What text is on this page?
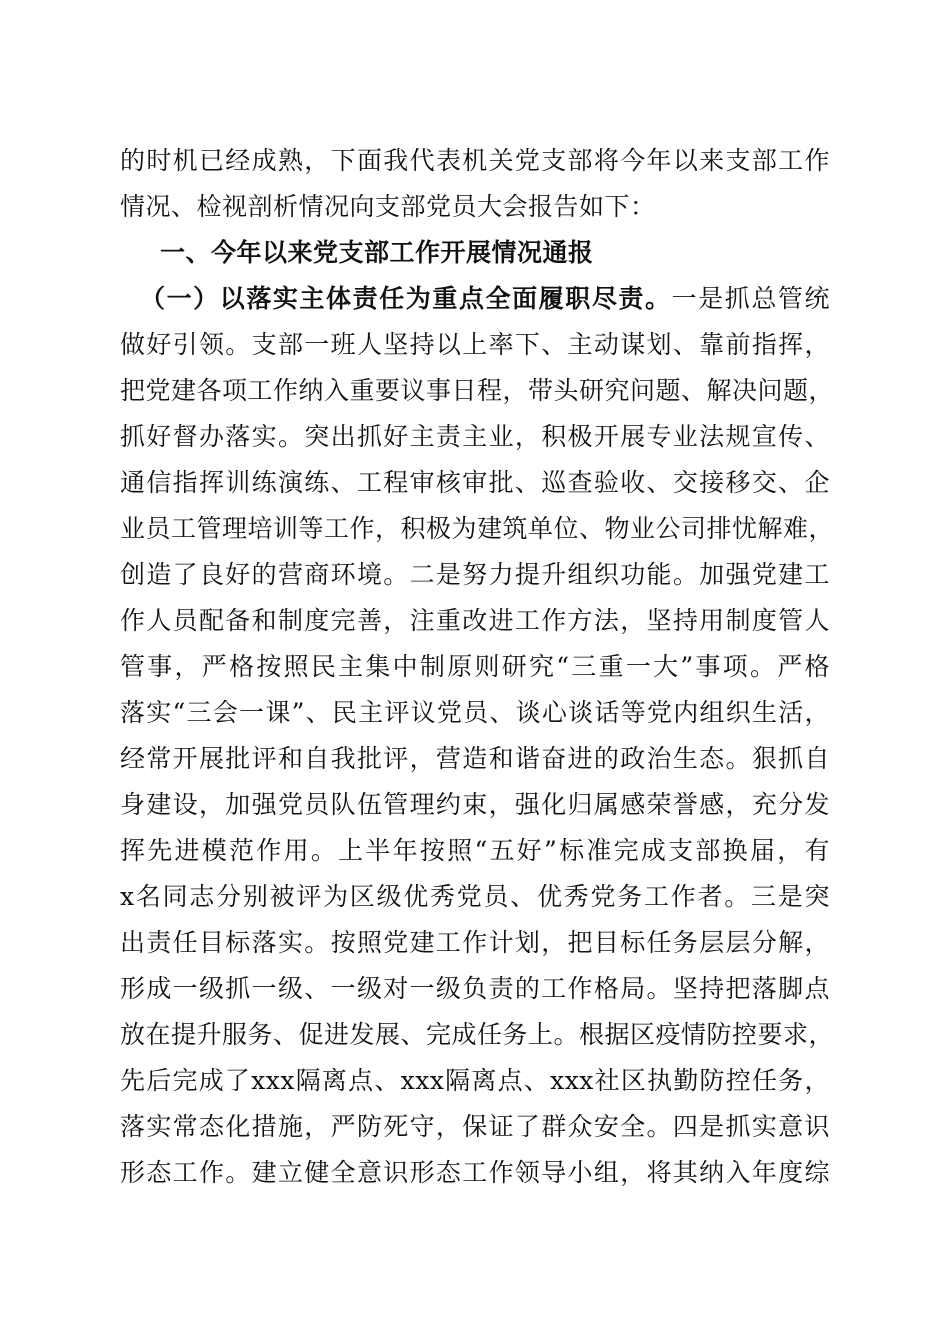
的时机已经成熟，下面我代表机关党支部将今年以来支部工作
情况、检视剖析情况向支部党员大会报告如下：
一、今年以来党支部工作开展情况通报
（一）以落实主体责任为重点全面履职尽责。一是抓总管统
做好引领。支部一班人坚持以上率下、主动谋划、靠前指挥，
把党建各项工作纳入重要议事日程，带头研究问题、解决问题，
抓好督办落实。突出抓好主责主业，积极开展专业法规宣传、
通信指挥训练演练、工程审核审批、巡查验收、交接移交、企
业员工管理培训等工作，积极为建筑单位、物业公司排忧解难，
创造了良好的营商环境。二是努力提升组织功能。加强党建工
作人员配备和制度完善，注重改进工作方法，坚持用制度管人
管事，严格按照民主集中制原则研究“三重一大”事项。严格
落实“三会一课”、民主评议党员、谈心谈话等党内组织生活，
经常开展批评和自我批评，营造和谐奋进的政治生态。狠抓自
身建设，加强党员队伍管理约束，强化归属感荣誉感，充分发
挥先进模范作用。上半年按照“五好”标准完成支部换届，有
x名同志分别被评为区级优秀党员、优秀党务工作者。三是突
出责任目标落实。按照党建工作计划，把目标任务层层分解，
形成一级抓一级、一级对一级负责的工作格局。坚持把落脚点
放在提升服务、促进发展、完成任务上。根据区疫情防控要求，
先后完成了xxx隔离点、xxx隔离点、xxx社区执勤防控任务，
落实常态化措施，严防死守，保证了群众安全。四是抓实意识
形态工作。建立健全意识形态工作领导小组，将其纳入年度综
